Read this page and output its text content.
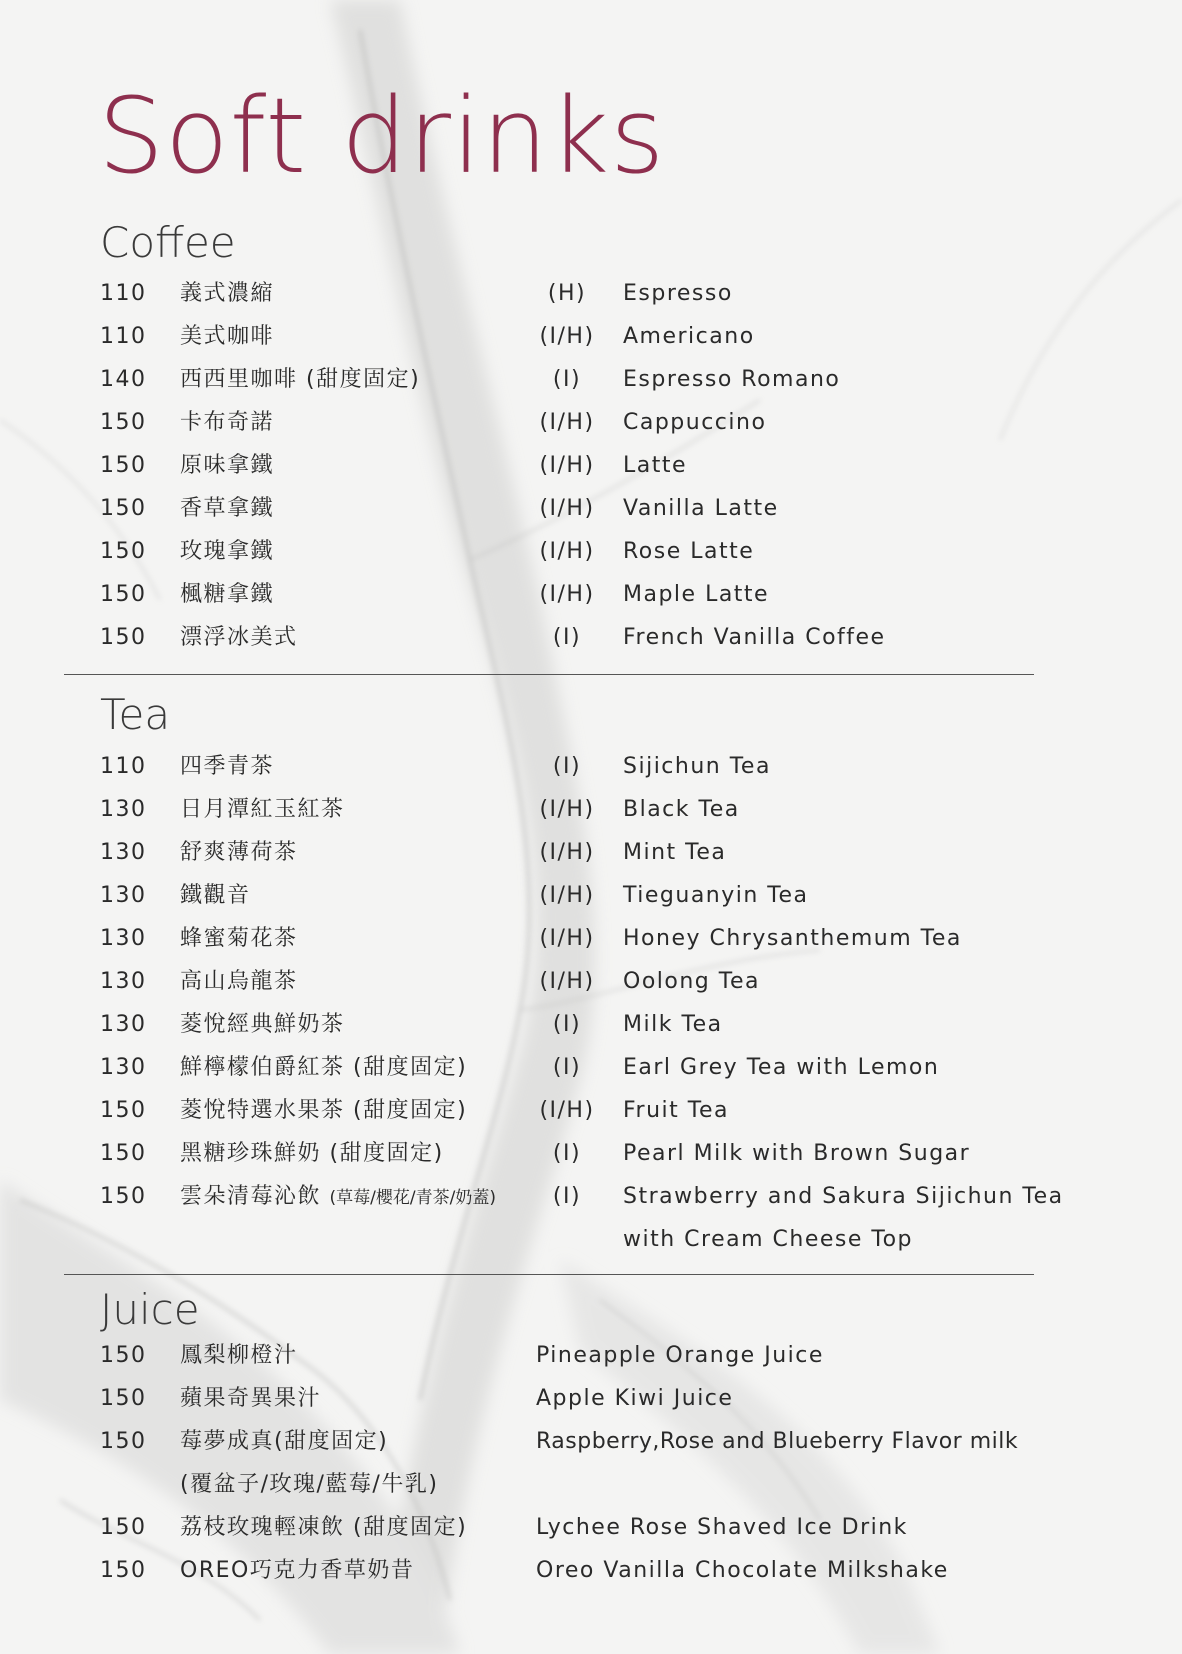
Soft drinks
Coffee
110 義式濃縮	(H)	Espresso
110 美式咖啡	(I/H)	Americano
140 西西里咖啡 (甜度固定)	(I)	Espresso Romano
150 卡布奇諾	(I/H)	Cappuccino
150 原味拿鐵	(I/H)	Latte
150 香草拿鐵	(I/H)	Vanilla Latte
150 玫瑰拿鐵	(I/H)	Rose Latte
150 楓糖拿鐵	(I/H)	Maple Latte
150 漂浮冰美式	(I)	French Vanilla Coffee
Tea
110 四季青茶	(I)	Sijichun Tea
130 日月潭紅玉紅茶	(I/H)	Black Tea
130 舒爽薄荷茶	(I/H)	Mint Tea
130 鐵觀音	(I/H)	Tieguanyin Tea
130 蜂蜜菊花茶	(I/H)	Honey Chrysanthemum Tea
130 高山烏龍茶	(I/H)	Oolong Tea
130 菱悅經典鮮奶茶	(I)	Milk Tea
130 鮮檸檬伯爵紅茶 (甜度固定)	(I)	Earl Grey Tea with Lemon
150 菱悅特選水果茶 (甜度固定)	(I/H)	Fruit Tea
150 黑糖珍珠鮮奶 (甜度固定)	(I)	Pearl Milk with Brown Sugar
150 雲朵清莓沁飲 (草莓/櫻花/青茶/奶蓋)	(I)	Strawberry and Sakura Sijichun Tea
with Cream Cheese Top
Juice
150 鳳梨柳橙汁	Pineapple Orange Juice
150 蘋果奇異果汁	Apple Kiwi Juice
150 莓夢成真(甜度固定)	Raspberry,Rose and Blueberry Flavor milk
(覆盆子/玫瑰/藍莓/牛乳)
150 荔枝玫瑰輕凍飲 (甜度固定)	Lychee Rose Shaved Ice Drink
150 OREO巧克力香草奶昔	Oreo Vanilla Chocolate Milkshake
